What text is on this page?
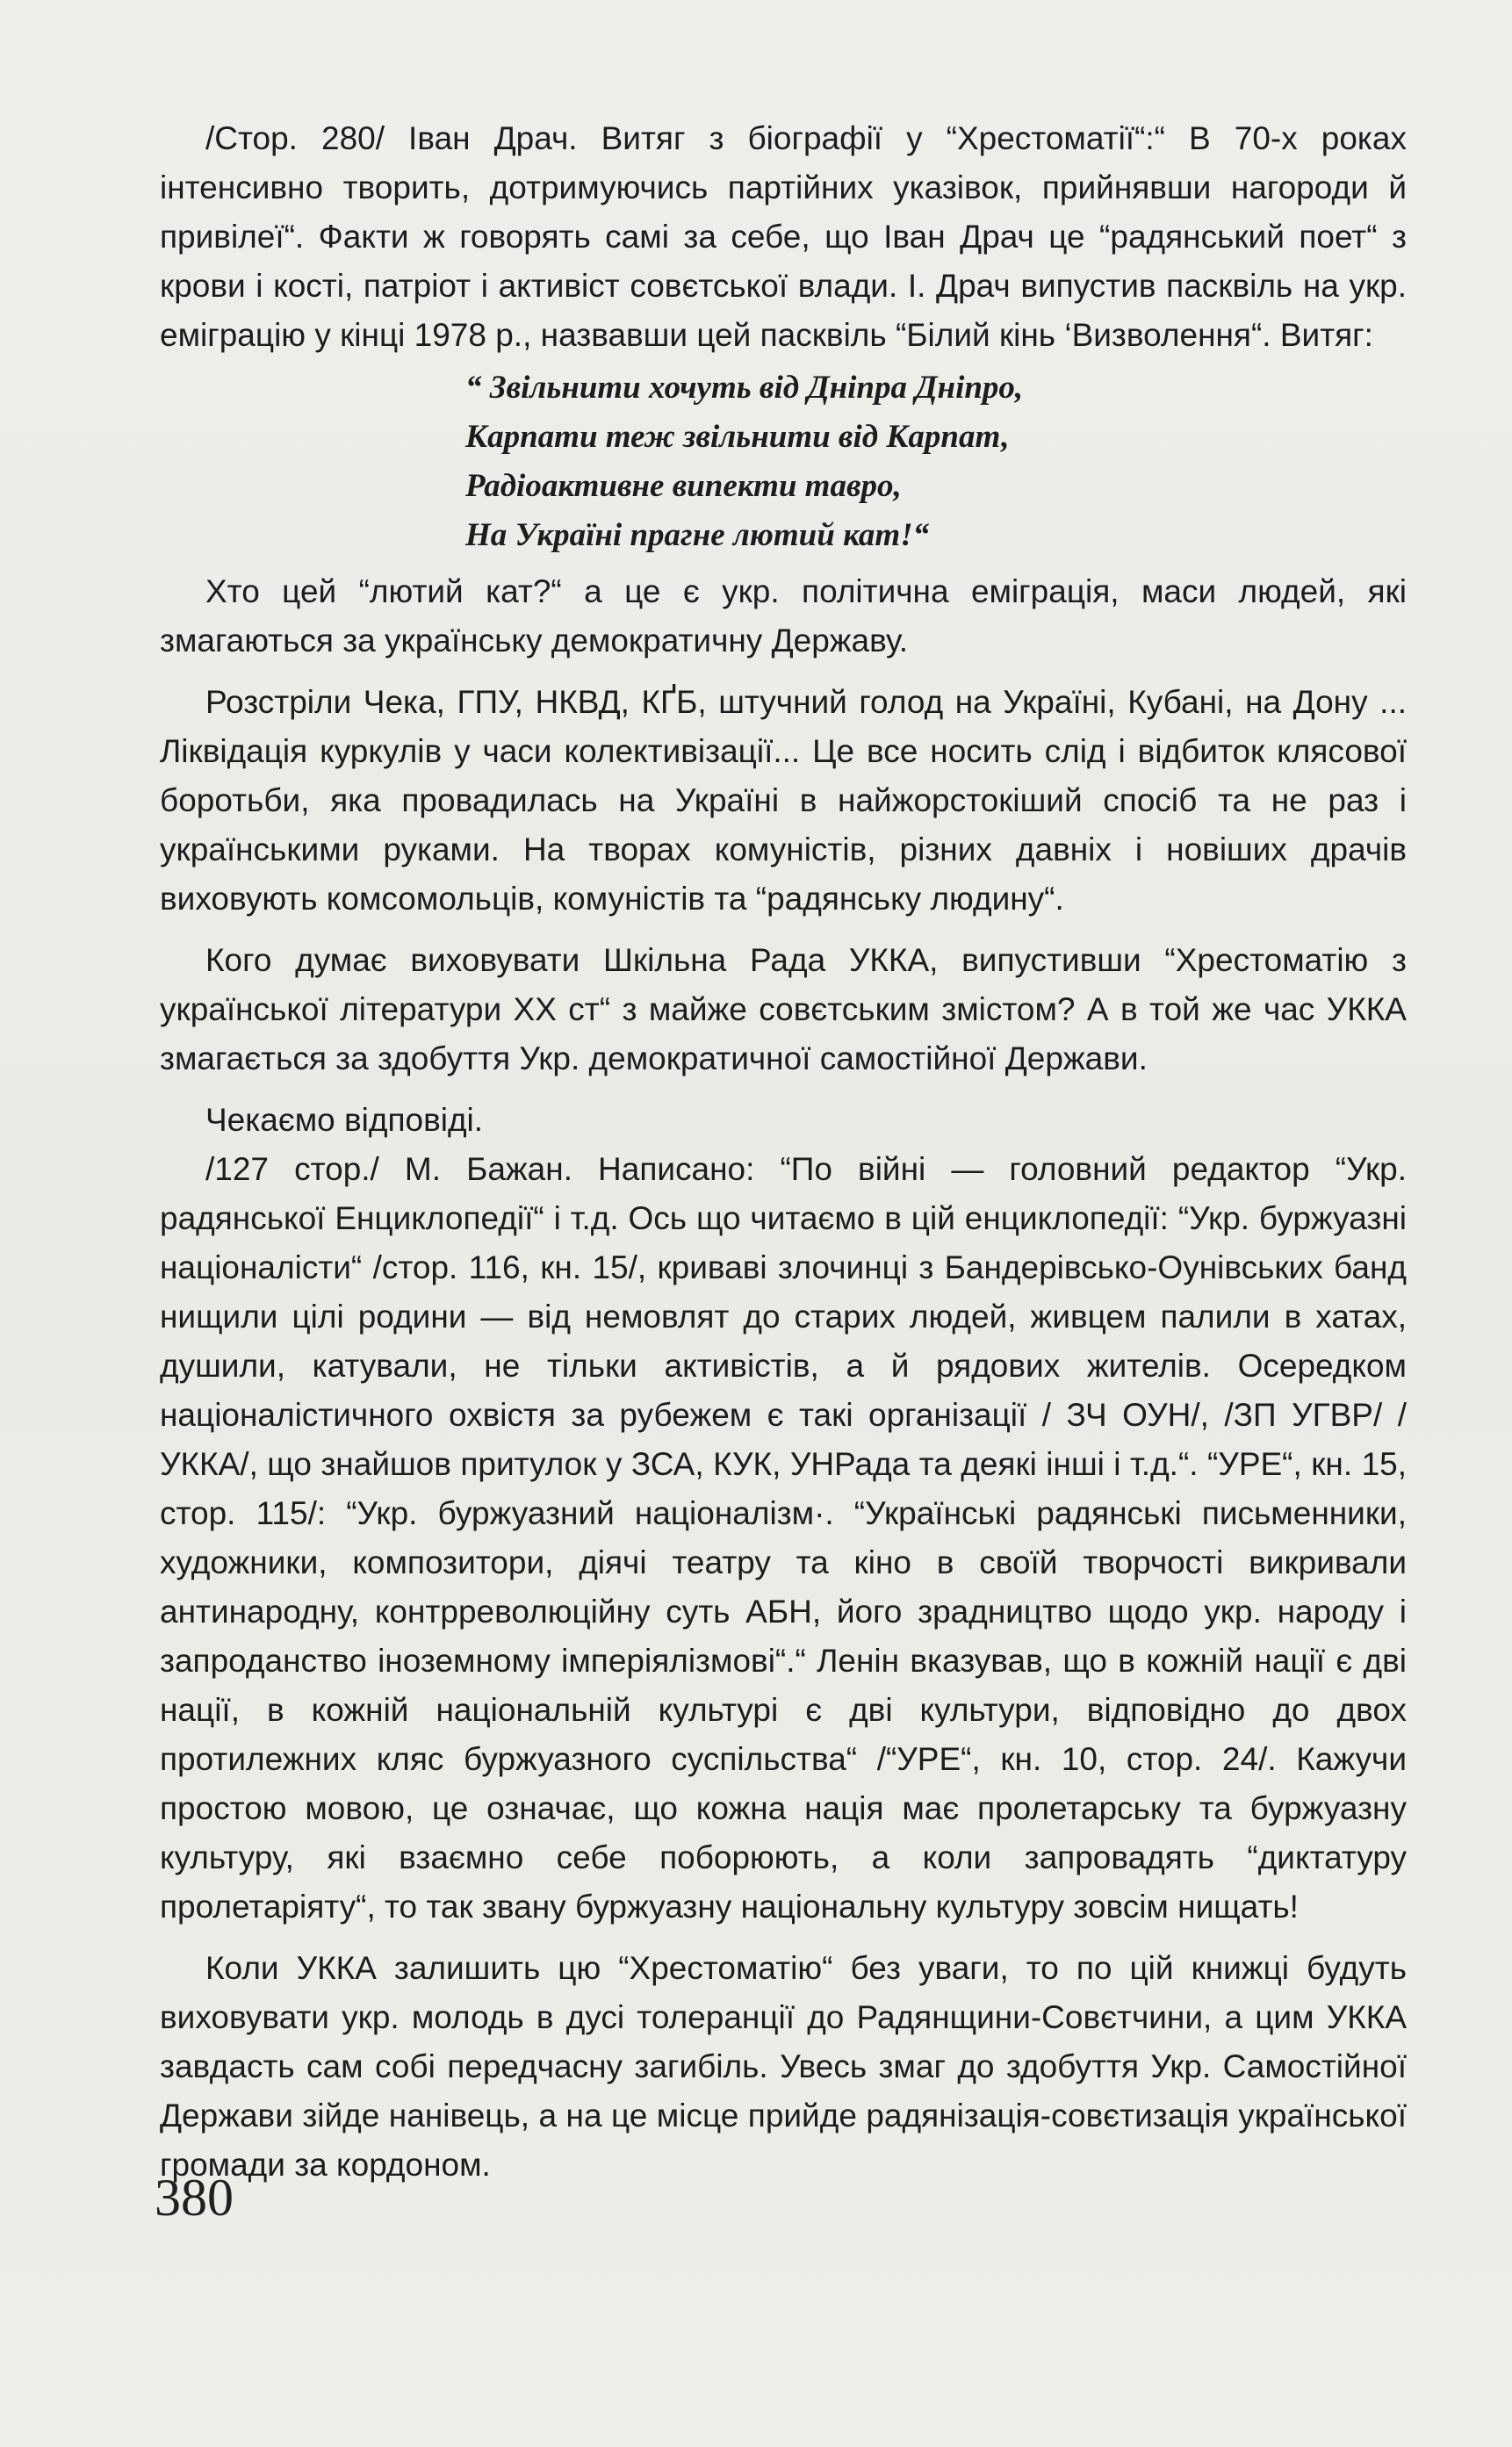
/Стор. 280/ Іван Драч. Витяг з біографії у “Хрестоматії“:“ В 70-х роках інтенсивно творить, дотримуючись партійних указівок, прийнявши нагороди й привілеї“. Факти ж говорять самі за себе, що Іван Драч це “радянський поет“ з крови і кості, патріот і активіст совєтської влади. І. Драч випустив пасквіль на укр. еміграцію у кінці 1978 р., назвавши цей пасквіль “Білий кінь ‘Визволення“. Витяг:

“ Звільнити хочуть від Дніпра Дніпро,
Карпати теж звільнити від Карпат,
Радіоактивне випекти тавро,
На Україні прагне лютий кат!“

Хто цей “лютий кат?“ а це є укр. політична еміграція, маси людей, які змагаються за українську демократичну Державу.

Розстріли Чека, ГПУ, НКВД, КҐБ, штучний голод на Україні, Кубані, на Дону ... Ліквідація куркулів у часи колективізації... Це все носить слід і відбиток клясової боротьби, яка провадилась на Україні в найжорстокіший спосіб та не раз і українськими руками. На творах комуністів, різних давніх і новіших драчів виховують комсомольців, комуністів та “радянську людину“.

Кого думає виховувати Шкільна Рада УККА, випустивши “Хрестоматію з української літератури XX ст“ з майже совєтським змістом? А в той же час УККА змагається за здобуття Укр. демократичної самостійної Держави.

Чекаємо відповіді.

/127 стор./ М. Бажан. Написано: “По війні — головний редактор “Укр. радянської Енциклопедії“ і т.д. Ось що читаємо в цій енциклопедії: “Укр. буржуазні націоналісти“ /стор. 116, кн. 15/, криваві злочинці з Бандерівсько-Оунівських банд нищили цілі родини — від немовлят до старих людей, живцем палили в хатах, душили, катували, не тільки активістів, а й рядових жителів. Осередком націоналістичного охвістя за рубежем є такі організації / ЗЧ ОУН/, /ЗП УГВР/ /УККА/, що знайшов притулок у ЗСА, КУК, УНРада та деякі інші і т.д.“. “УРЕ“, кн. 15, стор. 115/: “Укр. буржуазний націоналізм·. “Українські радянські письменники, художники, композитори, діячі театру та кіно в своїй творчості викривали антинародну, контрреволюційну суть АБН, його зрадництво щодо укр. народу і запроданство іноземному імперіялізмові“.“ Ленін вказував, що в кожній нації є дві нації, в кожній національній культурі є дві культури, відповідно до двох протилежних кляс буржуазного суспільства“ /“УРЕ“, кн. 10, стор. 24/. Кажучи простою мовою, це означає, що кожна нація має пролетарську та буржуазну культуру, які взаємно себе поборюють, а коли запровадять “диктатуру пролетаріяту“, то так звану буржуазну національну культуру зовсім нищать!

Коли УККА залишить цю “Хрестоматію“ без уваги, то по цій книжці будуть виховувати укр. молодь в дусі толеранції до Радянщини-Совєтчини, а цим УККА завдасть сам собі передчасну загибіль. Увесь змаг до здобуття Укр. Самостійної Держави зійде нанівець, а на це місце прийде радянізація-совєтизація української громади за кордоном.

380
